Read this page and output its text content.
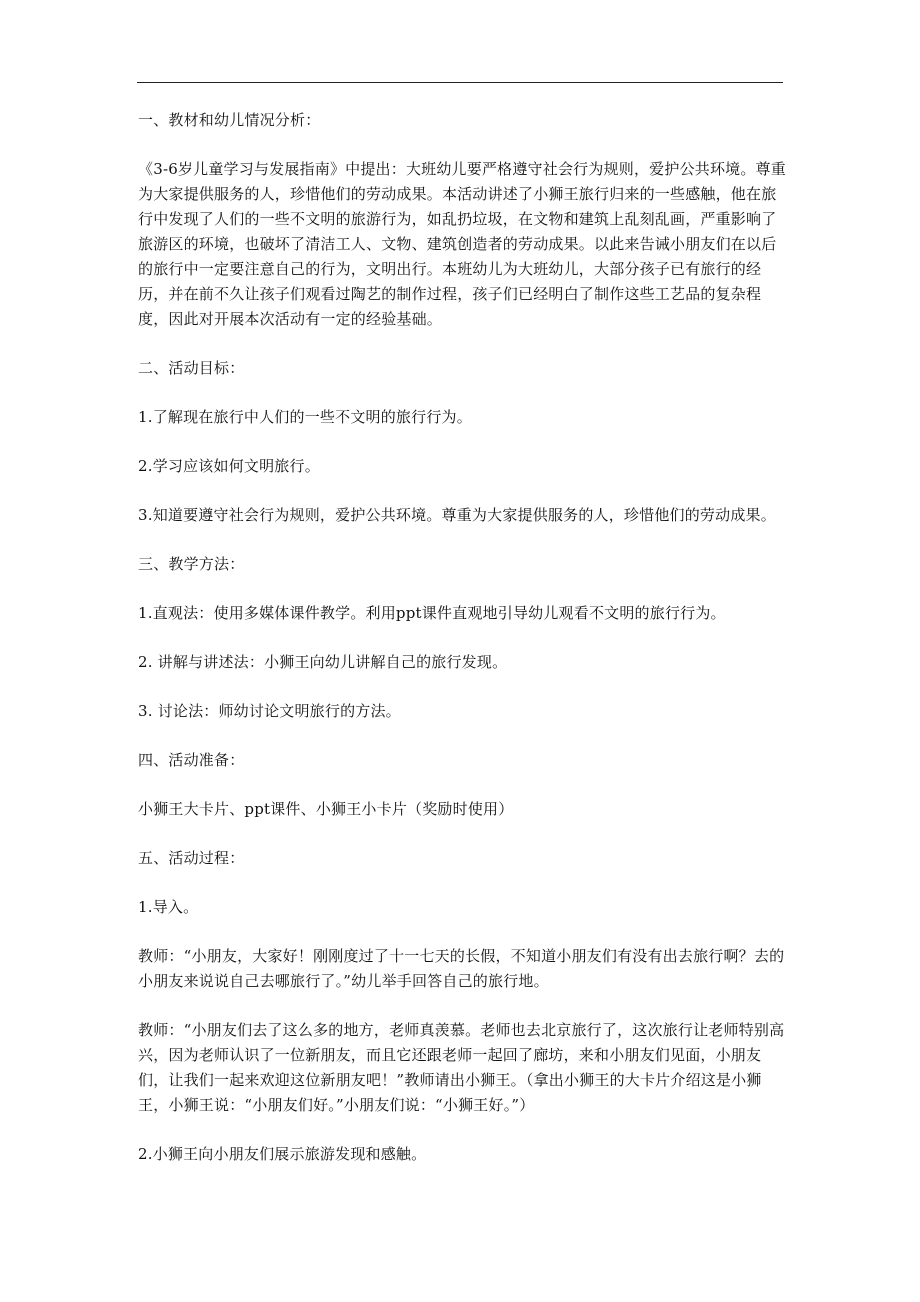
一、教材和幼儿情况分析：

《3-6岁儿童学习与发展指南》中提出：大班幼儿要严格遵守社会行为规则，爱护公共环境。尊重为大家提供服务的人，珍惜他们的劳动成果。本活动讲述了小狮王旅行归来的一些感触，他在旅行中发现了人们的一些不文明的旅游行为，如乱扔垃圾，在文物和建筑上乱刻乱画，严重影响了旅游区的环境，也破坏了清洁工人、文物、建筑创造者的劳动成果。以此来告诫小朋友们在以后的旅行中一定要注意自己的行为，文明出行。本班幼儿为大班幼儿，大部分孩子已有旅行的经历，并在前不久让孩子们观看过陶艺的制作过程，孩子们已经明白了制作这些工艺品的复杂程度，因此对开展本次活动有一定的经验基础。

二、活动目标：

1.了解现在旅行中人们的一些不文明的旅行行为。

2.学习应该如何文明旅行。

3.知道要遵守社会行为规则，爱护公共环境。尊重为大家提供服务的人，珍惜他们的劳动成果。

三、教学方法：

1.直观法：使用多媒体课件教学。利用ppt课件直观地引导幼儿观看不文明的旅行行为。

2. 讲解与讲述法：小狮王向幼儿讲解自己的旅行发现。

3. 讨论法：师幼讨论文明旅行的方法。

四、活动准备：

小狮王大卡片、ppt课件、小狮王小卡片（奖励时使用）

五、活动过程：

1.导入。

教师：“小朋友，大家好！刚刚度过了十一七天的长假，不知道小朋友们有没有出去旅行啊？去的小朋友来说说自己去哪旅行了。”幼儿举手回答自己的旅行地。

教师：“小朋友们去了这么多的地方，老师真羡慕。老师也去北京旅行了，这次旅行让老师特别高兴，因为老师认识了一位新朋友，而且它还跟老师一起回了廊坊，来和小朋友们见面，小朋友们，让我们一起来欢迎这位新朋友吧！”教师请出小狮王。（拿出小狮王的大卡片介绍这是小狮王，小狮王说：“小朋友们好。”小朋友们说：“小狮王好。”）

2.小狮王向小朋友们展示旅游发现和感触。
